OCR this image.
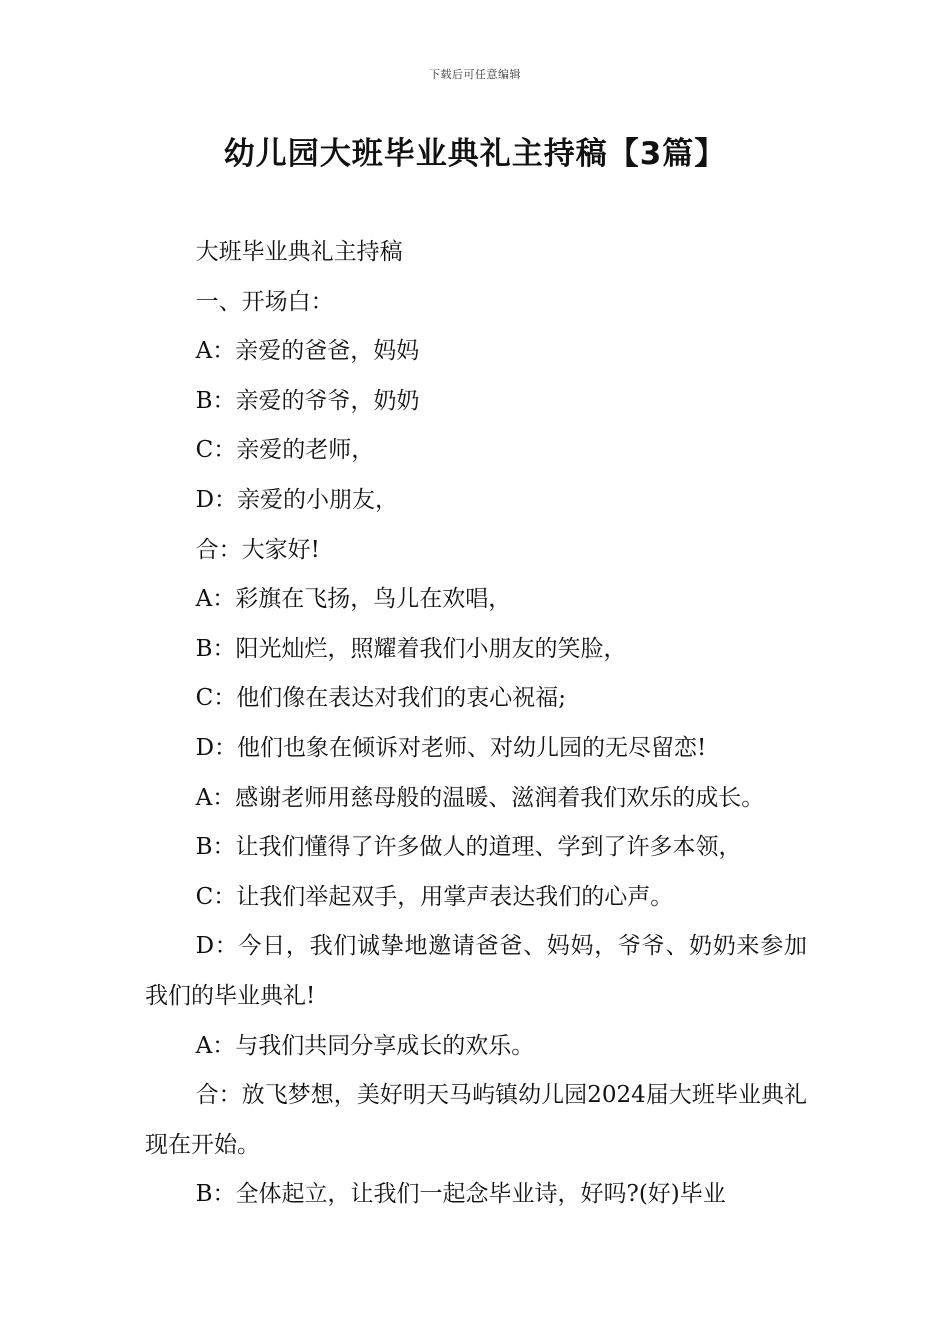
下载后可任意编辑
幼儿园大班毕业典礼主持稿【3篇】

大班毕业典礼主持稿

一、开场白：

A：亲爱的爸爸，妈妈

B：亲爱的爷爷，奶奶

C：亲爱的老师，

D：亲爱的小朋友，

合：大家好!

A：彩旗在飞扬，鸟儿在欢唱，

B：阳光灿烂，照耀着我们小朋友的笑脸，

C：他们像在表达对我们的衷心祝福;

D：他们也象在倾诉对老师、对幼儿园的无尽留恋!

A：感谢老师用慈母般的温暖、滋润着我们欢乐的成长。

B：让我们懂得了许多做人的道理、学到了许多本领，

C：让我们举起双手，用掌声表达我们的心声。

D：今日，我们诚挚地邀请爸爸、妈妈，爷爷、奶奶来参加我们的毕业典礼!

A：与我们共同分享成长的欢乐。

合：放飞梦想，美好明天马屿镇幼儿园2024届大班毕业典礼现在开始。

B：全体起立，让我们一起念毕业诗，好吗?(好)毕业
